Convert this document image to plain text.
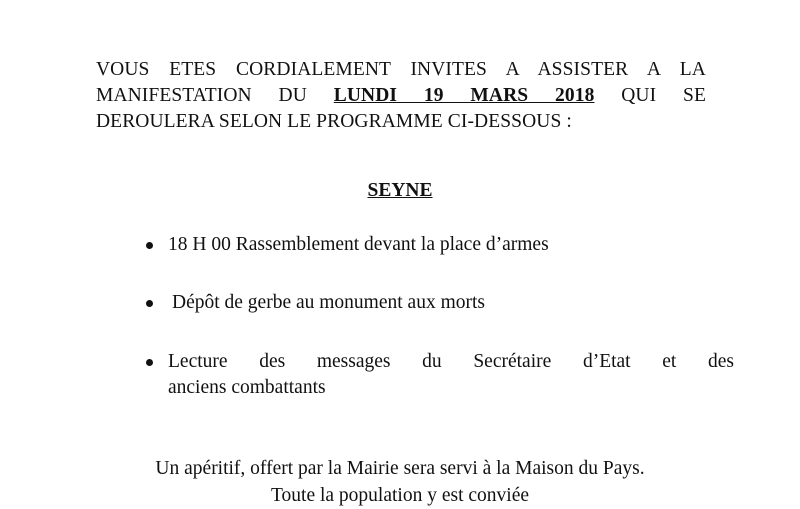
VOUS ETES CORDIALEMENT INVITES A ASSISTER A LA
MANIFESTATION DU LUNDI 19 MARS 2018 QUI SE
DEROULERA SELON LE PROGRAMME CI-DESSOUS :
SEYNE
18 H 00 Rassemblement devant la place d’armes
Dépôt de gerbe au monument aux morts
Lecture des messages du Secrétaire d’Etat et des
anciens combattants
Un apéritif, offert par la Mairie sera servi à la Maison du Pays.
Toute la population y est conviée
